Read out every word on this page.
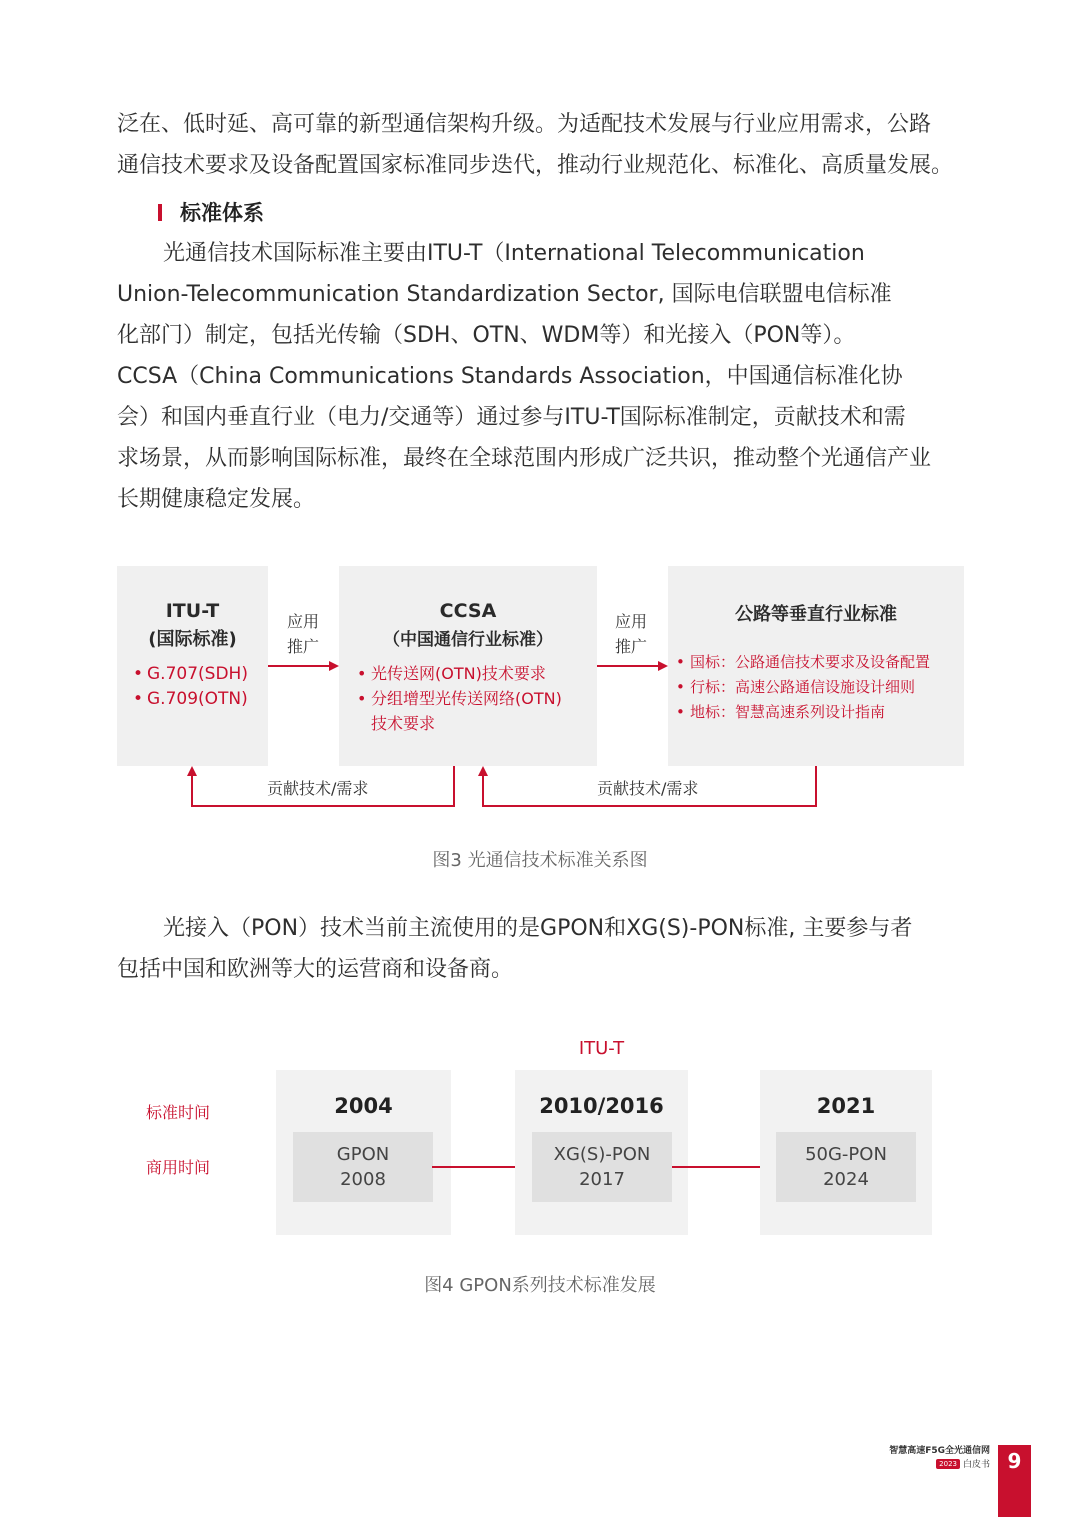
泛在、低时延、高可靠的新型通信架构升级。为适配技术发展与行业应用需求，公路
通信技术要求及设备配置国家标准同步迭代，推动行业规范化、标准化、高质量发展。
标准体系
光通信技术国际标准主要由ITU-T（International Telecommunication
Union-Telecommunication Standardization Sector, 国际电信联盟电信标准
化部门）制定，包括光传输（SDH、OTN、WDM等）和光接入（PON等）。
CCSA（China Communications Standards Association，中国通信标准化协
会）和国内垂直行业（电力/交通等）通过参与ITU-T国际标准制定，贡献技术和需
求场景，从而影响国际标准，最终在全球范围内形成广泛共识，推动整个光通信产业
长期健康稳定发展。
ITU-T
(国际标准)
• G.707(SDH)
• G.709(OTN)
应用
推广
CCSA
（中国通信行业标准）
• 光传送网(OTN)技术要求
• 分组增型光传送网络(OTN)
技术要求
应用
推广
公路等垂直行业标准
• 国标：公路通信技术要求及设备配置
• 行标：高速公路通信设施设计细则
• 地标：智慧高速系列设计指南
贡献技术/需求	贡献技术/需求
图3 光通信技术标准关系图
光接入（PON）技术当前主流使用的是GPON和XG(S)-PON标准, 主要参与者
包括中国和欧洲等大的运营商和设备商。
ITU-T
标准时间
商用时间
2004
GPON
2008
2010/2016
XG(S)-PON
2017
2021
50G-PON
2024
图4 GPON系列技术标准发展
智慧高速F5G全光通信网
2023 白皮书 9
